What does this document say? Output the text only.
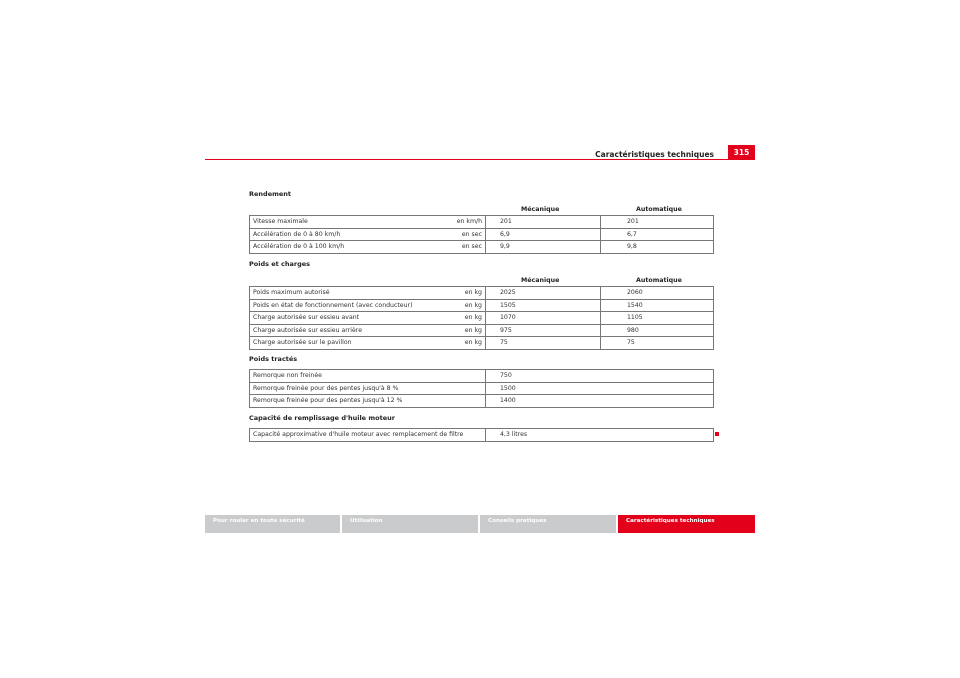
Caractéristiques techniques	315
Rendement
Mécanique	Automatique

Vitesse maximale	en km/h	201	201
Accélération de 0 à 80 km/h	en sec	6,9	6,7
Accélération de 0 à 100 km/h	en sec	9,9	9,8
Poids et charges
Mécanique	Automatique

Poids maximum autorisé	en kg	2025	2060
Poids en état de fonctionnement (avec conducteur)	en kg	1505	1540
Charge autorisée sur essieu avant	en kg	1070	1105
Charge autorisée sur essieu arrière	en kg	975	980
Charge autorisée sur le pavillon	en kg	75	75
Poids tractés
Remorque non freinée	750
Remorque freinée pour des pentes jusqu'à 8 %	1500
Remorque freinée pour des pentes jusqu'à 12 %	1400
Capacité de remplissage d'huile moteur
Capacité approximative d'huile moteur avec remplacement de filtre	4,3 litres
Pour rouler en toute sécurité	Utilisation	Conseils pratiques	Caractéristiques techniques
